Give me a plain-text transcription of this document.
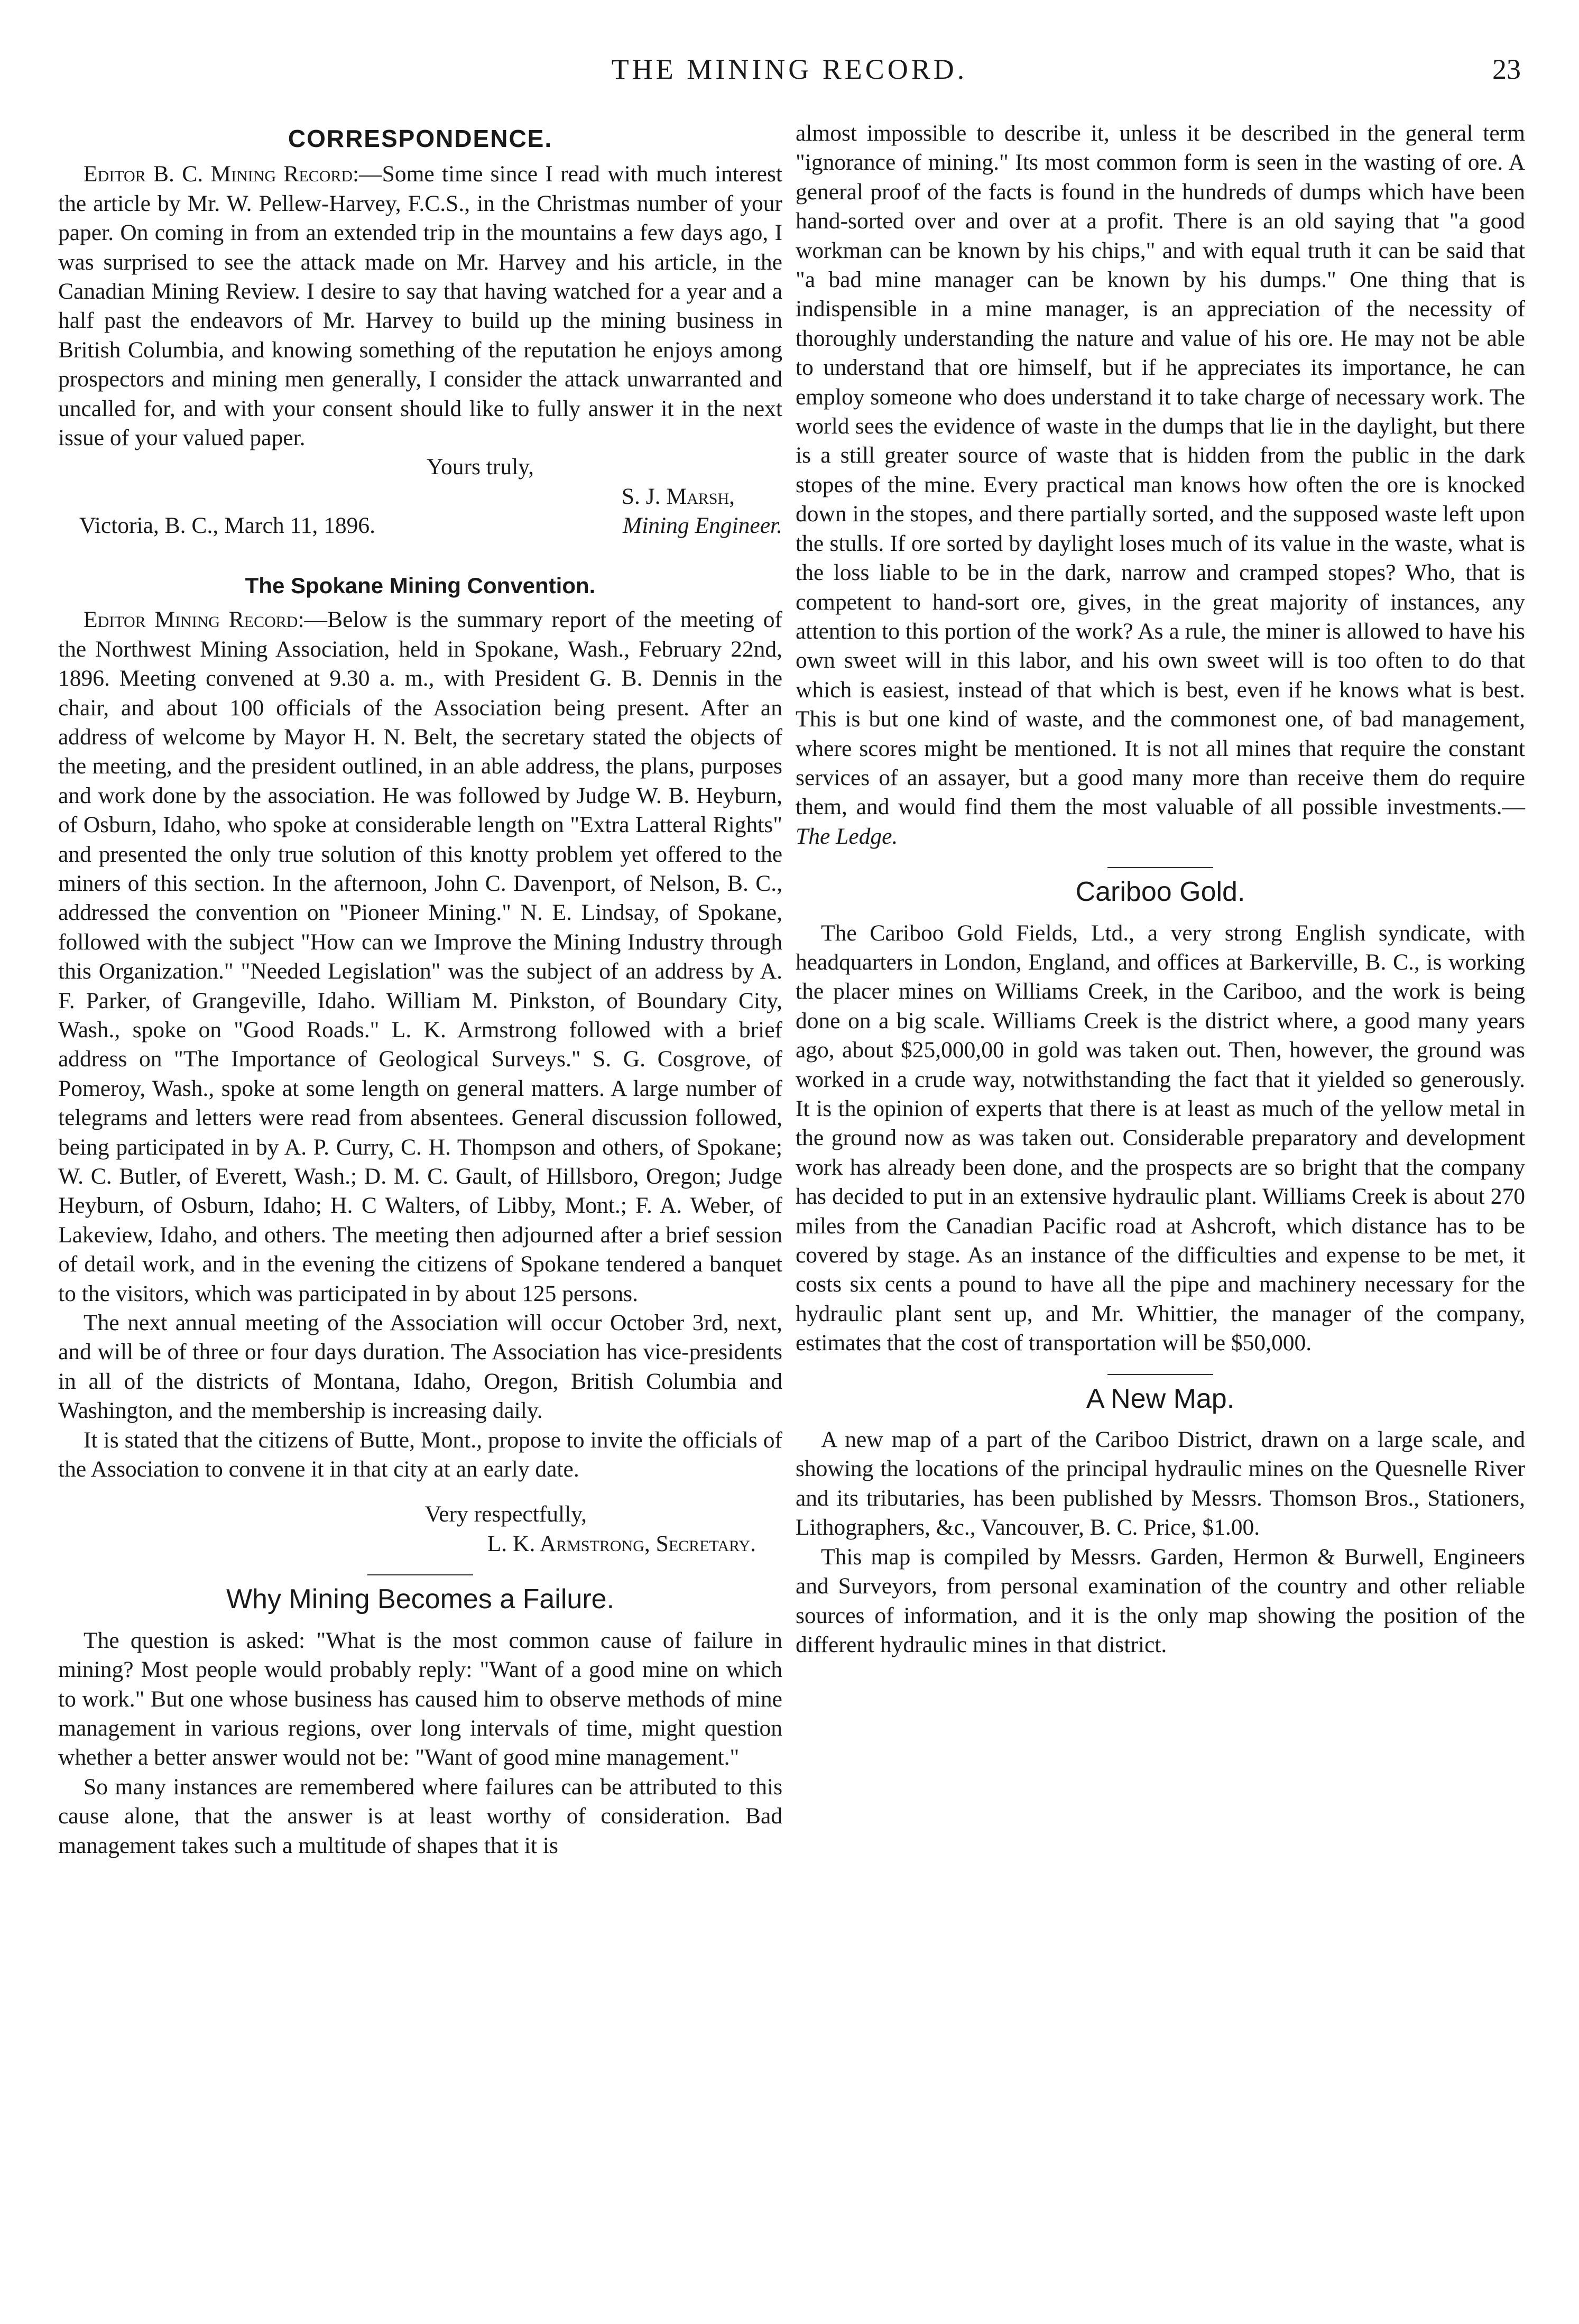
THE MINING RECORD.	23
CORRESPONDENCE.

Editor B. C. Mining Record:—Some time since I read with much interest the article by Mr. W. Pellew-Harvey, F.C.S., in the Christmas number of your paper. On coming in from an extended trip in the mountains a few days ago, I was surprised to see the attack made on Mr. Harvey and his article, in the Canadian Mining Review. I desire to say that having watched for a year and a half past the endeavors of Mr. Harvey to build up the mining business in British Columbia, and knowing something of the reputation he enjoys among prospectors and mining men generally, I consider the attack unwarranted and uncalled for, and with your consent should like to fully answer it in the next issue of your valued paper.

Yours truly,
S. J. Marsh,
Victoria, B. C., March 11, 1896.	Mining Engineer.
The Spokane Mining Convention.

Editor Mining Record:—Below is the summary report of the meeting of the Northwest Mining Association, held in Spokane, Wash., February 22nd, 1896. Meeting convened at 9.30 a. m., with President G. B. Dennis in the chair, and about 100 officials of the Association being present. After an address of welcome by Mayor H. N. Belt, the secretary stated the objects of the meeting, and the president outlined, in an able address, the plans, purposes and work done by the association. He was followed by Judge W. B. Heyburn, of Osburn, Idaho, who spoke at considerable length on "Extra Latteral Rights" and presented the only true solution of this knotty problem yet offered to the miners of this section. In the afternoon, John C. Davenport, of Nelson, B. C., addressed the convention on "Pioneer Mining." N. E. Lindsay, of Spokane, followed with the subject "How can we Improve the Mining Industry through this Organization." "Needed Legislation" was the subject of an address by A. F. Parker, of Grangeville, Idaho. William M. Pinkston, of Boundary City, Wash., spoke on "Good Roads." L. K. Armstrong followed with a brief address on "The Importance of Geological Surveys." S. G. Cosgrove, of Pomeroy, Wash., spoke at some length on general matters. A large number of telegrams and letters were read from absentees. General discussion followed, being participated in by A. P. Curry, C. H. Thompson and others, of Spokane; W. C. Butler, of Everett, Wash.; D. M. C. Gault, of Hillsboro, Oregon; Judge Heyburn, of Osburn, Idaho; H. C Walters, of Libby, Mont.; F. A. Weber, of Lakeview, Idaho, and others. The meeting then adjourned after a brief session of detail work, and in the evening the citizens of Spokane tendered a banquet to the visitors, which was participated in by about 125 persons.

The next annual meeting of the Association will occur October 3rd, next, and will be of three or four days duration. The Association has vice-presidents in all of the districts of Montana, Idaho, Oregon, British Columbia and Washington, and the membership is increasing daily.

It is stated that the citizens of Butte, Mont., propose to invite the officials of the Association to convene it in that city at an early date.

Very respectfully,
L. K. Armstrong, Secretary.
Why Mining Becomes a Failure.

The question is asked: "What is the most common cause of failure in mining? Most people would probably reply: "Want of a good mine on which to work." But one whose business has caused him to observe methods of mine management in various regions, over long intervals of time, might question whether a better answer would not be: "Want of good mine management."

So many instances are remembered where failures can be attributed to this cause alone, that the answer is at least worthy of consideration. Bad management takes such a multitude of shapes that it is

almost impossible to describe it, unless it be described in the general term "ignorance of mining." Its most common form is seen in the wasting of ore. A general proof of the facts is found in the hundreds of dumps which have been hand-sorted over and over at a profit. There is an old saying that "a good workman can be known by his chips," and with equal truth it can be said that "a bad mine manager can be known by his dumps." One thing that is indispensible in a mine manager, is an appreciation of the necessity of thoroughly understanding the nature and value of his ore. He may not be able to understand that ore himself, but if he appreciates its importance, he can employ someone who does understand it to take charge of necessary work. The world sees the evidence of waste in the dumps that lie in the daylight, but there is a still greater source of waste that is hidden from the public in the dark stopes of the mine. Every practical man knows how often the ore is knocked down in the stopes, and there partially sorted, and the supposed waste left upon the stulls. If ore sorted by daylight loses much of its value in the waste, what is the loss liable to be in the dark, narrow and cramped stopes? Who, that is competent to hand-sort ore, gives, in the great majority of instances, any attention to this portion of the work? As a rule, the miner is allowed to have his own sweet will in this labor, and his own sweet will is too often to do that which is easiest, instead of that which is best, even if he knows what is best. This is but one kind of waste, and the commonest one, of bad management, where scores might be mentioned. It is not all mines that require the constant services of an assayer, but a good many more than receive them do require them, and would find them the most valuable of all possible investments.—The Ledge.

Cariboo Gold.

The Cariboo Gold Fields, Ltd., a very strong English syndicate, with headquarters in London, England, and offices at Barkerville, B. C., is working the placer mines on Williams Creek, in the Cariboo, and the work is being done on a big scale. Williams Creek is the district where, a good many years ago, about $25,000,00 in gold was taken out. Then, however, the ground was worked in a crude way, notwithstanding the fact that it yielded so generously. It is the opinion of experts that there is at least as much of the yellow metal in the ground now as was taken out. Considerable preparatory and development work has already been done, and the prospects are so bright that the company has decided to put in an extensive hydraulic plant. Williams Creek is about 270 miles from the Canadian Pacific road at Ashcroft, which distance has to be covered by stage. As an instance of the difficulties and expense to be met, it costs six cents a pound to have all the pipe and machinery necessary for the hydraulic plant sent up, and Mr. Whittier, the manager of the company, estimates that the cost of transportation will be $50,000.

A New Map.

A new map of a part of the Cariboo District, drawn on a large scale, and showing the locations of the principal hydraulic mines on the Quesnelle River and its tributaries, has been published by Messrs. Thomson Bros., Stationers, Lithographers, &c., Vancouver, B. C. Price, $1.00.

This map is compiled by Messrs. Garden, Hermon & Burwell, Engineers and Surveyors, from personal examination of the country and other reliable sources of information, and it is the only map showing the position of the different hydraulic mines in that district.
